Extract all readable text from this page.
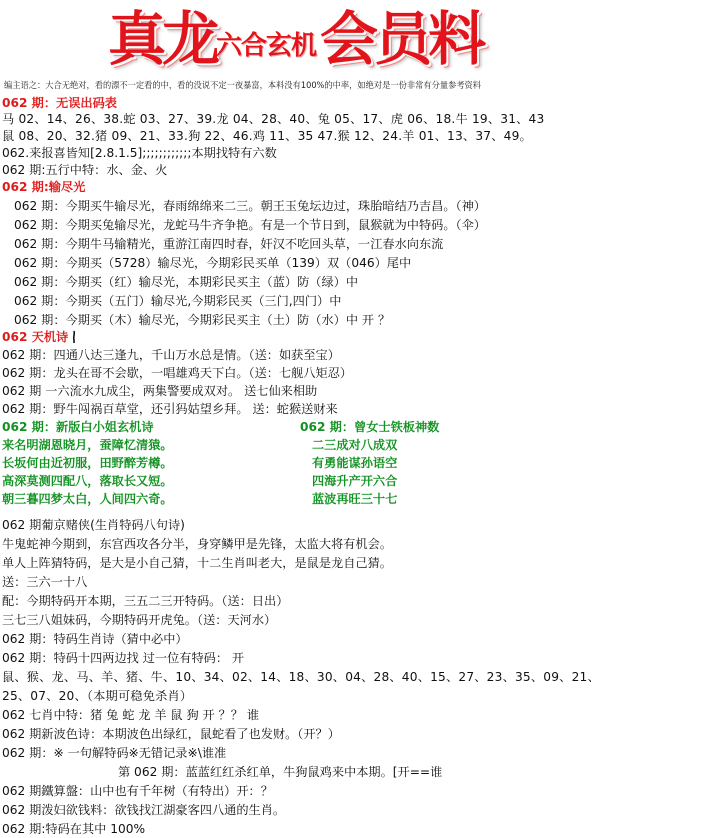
真 龙 六合玄机 会 员 料
编主语之：大合无绝对，看的漂不一定看的中，看的没说不定一夜暴富，本料没有100%的中率，如绝对是一份非常有分量参考资料
062 期：无误出码表
马 02、14、26、38.蛇 03、27、39.龙 04、28、40、兔 05、17、虎 06、18.牛 19、31、43
鼠 08、20、32.猪 09、21、33.狗 22、46.鸡 11、35 47.猴 12、24.羊 01、13、37、49。
062.来报喜皆知[2.8.1.5];;;;;;;;;;;;本期找特有六数
062 期:五行中特：水、金、火
062 期:输尽光
062 期：今期买牛输尽光，春雨绵绵来二三。朝王玉兔坛边过，珠胎暗结乃吉昌。（神）
062 期：今期买兔输尽光，龙蛇马牛齐争艳。有是一个节日到，鼠猴就为中特码。（伞）
062 期：今期牛马输精光，重游江南四时春，奸汉不吃回头草，一江春水向东流
062 期：今期买（5728）输尽光，今期彩民买单（139）双（046）尾中
062 期：今期买（红）输尽光，本期彩民买主（蓝）防（绿）中
062 期：今期买（五门）输尽光,今期彩民买（三门,四门）中
062 期：今期买（木）输尽光，今期彩民买主（土）防（水）中 开 ？
062 天机诗
062 期：四通八达三逢九，千山万水总是情。（送：如获至宝）
062 期：龙头在哥不会歇，一唱雄鸡天下白。（送：七舰八矩忍）
062 期 一六流水九成尘，两集警要成双对。 送七仙来相助
062 期：野牛闯祸百草堂，还引犸姑望乡拜。 送：蛇猴送财来
062 期：新版白小姐玄机诗	062 期：曾女士铁板神数
来名明湖恩晓月，蚕障忆清猿。	二三成对八成双
长坂何由近初服，田野醉芳樽。	有勇能谋孙语空
高深莫测四配八，落取长又短。	四海升产开六合
朝三暮四梦太白，人间四六奇。	蓝波再旺三十七
062 期葡京赌侠(生肖特码八句诗)
牛鬼蛇神今期到，东宫西攻各分半，身穿鳞甲是先锋，太监大将有机会。
单人上阵猜特码，是大是小自己猜，十二生肖叫老大，是鼠是龙自己猜。
送：三六一十八
配：今期特码开本期，三五二三开特码。（送：日出）
三七三八姐妹码，今期特码开虎兔。（送：天河水）
062 期：特码生肖诗（猜中必中）
062 期：特码十四两边找 过一位有特码： 开
鼠、猴、龙、马、羊、猪、牛、10、34、02、14、18、30、04、28、40、15、27、23、35、09、21、
25、07、20、（本期可稳免杀肖）
062 七肖中特：猪 兔 蛇 龙 羊 鼠 狗 开 ？？ 谁
062 期新波色诗：本期波色出绿红，鼠蛇看了也发财。（开？）
062 期：※ 一句解特码※无错记录※\谁准
第 062 期：蓝蓝红红杀红单，牛狗鼠鸡来中本期。[开==谁
062 期鐵算盤：山中也有千年树（有特出）开：？
062 期泼妇欲钱料：欲钱找江湖豪客四八通的生肖。
062 期:特码在其中 100%
